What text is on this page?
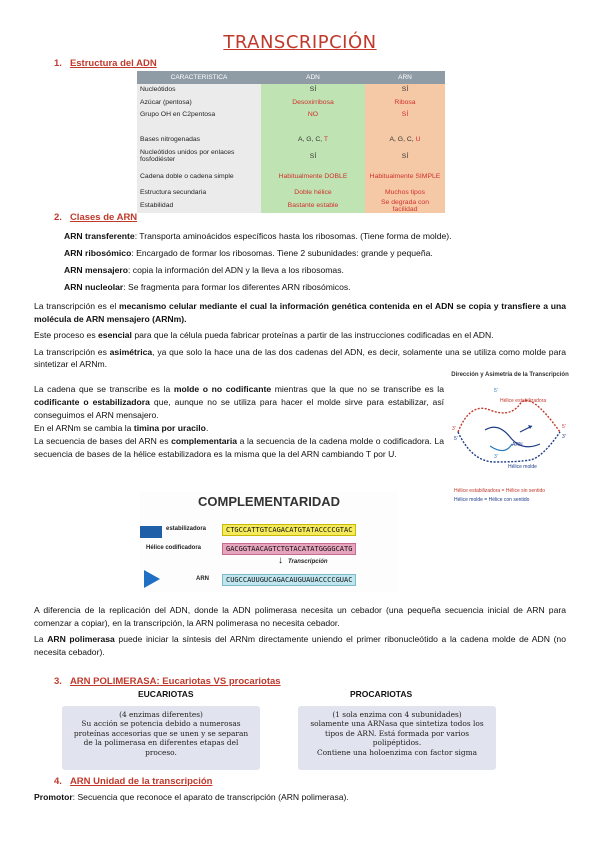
TRANSCRIPCIÓN
1. Estructura del ADN
CARACTERISTICA	ADN	ARN
Nucleótidos	SÍ	SÍ
Azúcar (pentosa)	Desoxirribosa	Ribosa
Grupo OH en C2pentosa	NO	SÍ

Bases nitrogenadas	A, G, C, T	A, G, C, U
Nucleótidos unidos por enlaces fosfodiéster	SÍ	SÍ
Cadena doble o cadena simple	Habitualmente DOBLE	Habitualmente SIMPLE
Estructura secundaria	Doble hélice	Muchos tipos
Estabilidad	Bastante estable	Se degrada con facilidad
2. Clases de ARN
ARN transferente: Transporta aminoácidos específicos hasta los ribosomas. (Tiene forma de molde).
ARN ribosómico: Encargado de formar los ribosomas. Tiene 2 subunidades: grande y pequeña.
ARN mensajero: copia la información del ADN y la lleva a los ribosomas.
ARN nucleolar: Se fragmenta para formar los diferentes ARN ribosómicos.
La transcripción es el mecanismo celular mediante el cual la información genética contenida en el ADN se copia y transfiere a una molécula de ARN mensajero (ARNm).
Este proceso es esencial para que la célula pueda fabricar proteínas a partir de las instrucciones codificadas en el ADN.
La transcripción es asimétrica, ya que solo la hace una de las dos cadenas del ADN, es decir, solamente una se utiliza como molde para sintetizar el ARNm.
La cadena que se transcribe es la molde o no codificante mientras que la que no se transcribe es la codificante o estabilizadora que, aunque no se utiliza para hacer el molde sirve para estabilizar, así conseguimos el ARN mensajero.
En el ARNm se cambia la timina por uracilo.
La secuencia de bases del ARN es complementaria a la secuencia de la cadena molde o codificadora. La secuencia de bases de la hélice estabilizadora es la misma que la del ARN cambiando T por U.
Dirección y Asimetría de la Transcripción
5'
Hélice estabilizadora
3'
5'
5'
3'
ARN
3'
Hélice molde
Hélice estabilizadora = Hélice sin sentido
Hélice molde = Hélice con sentido
COMPLEMENTARIDAD
estabilizadora	CTGCCATTGTCAGACATGTATACCCCGTAC
Hélice codificadora	GACGGTAACAGTCTGTACATATGGGGCATG
↓ Transcripción
ARN	CUGCCAUUGUCAGACAUGUAUACCCCGUAC
A diferencia de la replicación del ADN, donde la ADN polimerasa necesita un cebador (una pequeña secuencia inicial de ARN para comenzar a copiar), en la transcripción, la ARN polimerasa no necesita cebador.
La ARN polimerasa puede iniciar la síntesis del ARNm directamente uniendo el primer ribonucleótido a la cadena molde de ADN (no necesita cebador).
3. ARN POLIMERASA: Eucariotas VS procariotas
EUCARIOTAS	PROCARIOTAS
(4 enzimas diferentes)
Su acción se potencia debido a numerosas proteínas accesorias que se unen y se separan de la polimerasa en diferentes etapas del proceso.
(1 sola enzima con 4 subunidades)
solamente una ARNasa que sintetiza todos los tipos de ARN. Está formada por varios polipéptidos.
Contiene una holoenzima con factor sigma
4. ARN Unidad de la transcripción
Promotor: Secuencia que reconoce el aparato de transcripción (ARN polimerasa).
